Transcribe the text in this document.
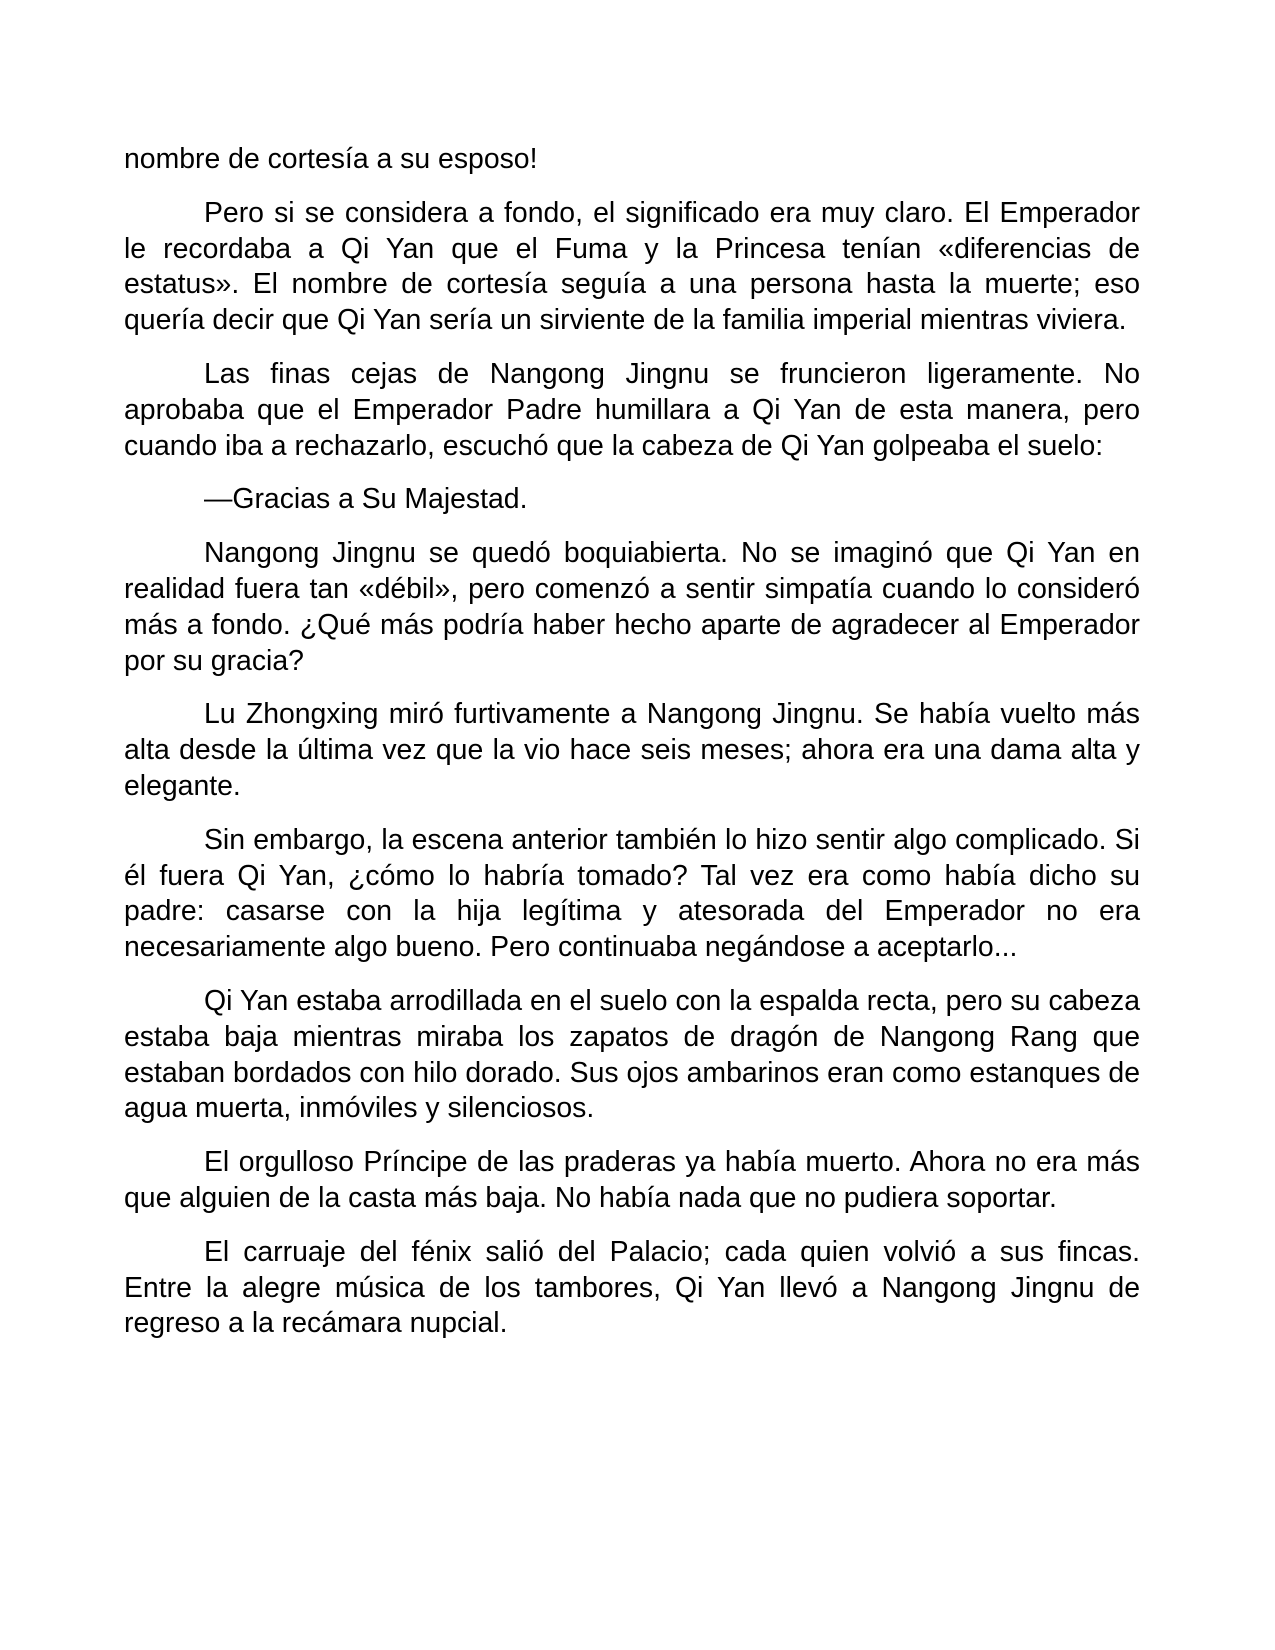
nombre de cortesía a su esposo!

Pero si se considera a fondo, el significado era muy claro. El Emperador le recordaba a Qi Yan que el Fuma y la Princesa tenían «diferencias de estatus». El nombre de cortesía seguía a una persona hasta la muerte; eso quería decir que Qi Yan sería un sirviente de la familia imperial mientras viviera.

Las finas cejas de Nangong Jingnu se fruncieron ligeramente. No aprobaba que el Emperador Padre humillara a Qi Yan de esta manera, pero cuando iba a rechazarlo, escuchó que la cabeza de Qi Yan golpeaba el suelo:

—Gracias a Su Majestad.

Nangong Jingnu se quedó boquiabierta. No se imaginó que Qi Yan en realidad fuera tan «débil», pero comenzó a sentir simpatía cuando lo consideró más a fondo. ¿Qué más podría haber hecho aparte de agradecer al Emperador por su gracia?

Lu Zhongxing miró furtivamente a Nangong Jingnu. Se había vuelto más alta desde la última vez que la vio hace seis meses; ahora era una dama alta y elegante.

Sin embargo, la escena anterior también lo hizo sentir algo complicado. Si él fuera Qi Yan, ¿cómo lo habría tomado? Tal vez era como había dicho su padre: casarse con la hija legítima y atesorada del Emperador no era necesariamente algo bueno. Pero continuaba negándose a aceptarlo...

Qi Yan estaba arrodillada en el suelo con la espalda recta, pero su cabeza estaba baja mientras miraba los zapatos de dragón de Nangong Rang que estaban bordados con hilo dorado. Sus ojos ambarinos eran como estanques de agua muerta, inmóviles y silenciosos.

El orgulloso Príncipe de las praderas ya había muerto. Ahora no era más que alguien de la casta más baja. No había nada que no pudiera soportar.

El carruaje del fénix salió del Palacio; cada quien volvió a sus fincas. Entre la alegre música de los tambores, Qi Yan llevó a Nangong Jingnu de regreso a la recámara nupcial.
